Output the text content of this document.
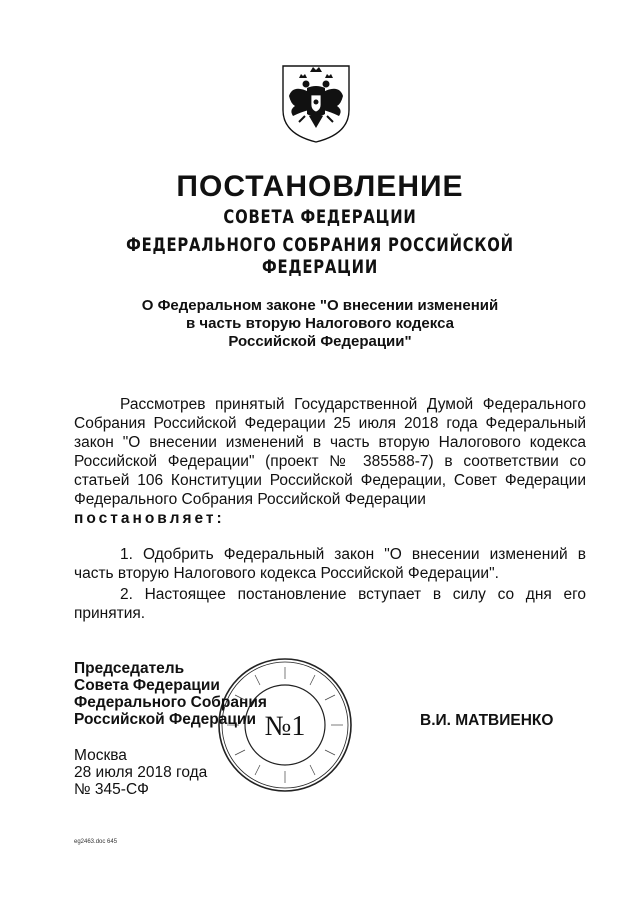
ПОСТАНОВЛЕНИЕ
СОВЕТА ФЕДЕРАЦИИ
ФЕДЕРАЛЬНОГО СОБРАНИЯ РОССИЙСКОЙ ФЕДЕРАЦИИ
О Федеральном законе "О внесении изменений
в часть вторую Налогового кодекса
Российской Федерации"
Рассмотрев принятый Государственной Думой Федерального Собрания Российской Федерации 25 июля 2018 года Федеральный закон "О внесении изменений в часть вторую Налогового кодекса Российской Федерации" (проект № 385588-7) в соответствии со статьей 106 Конституции Российской Федерации, Совет Федерации Федерального Собрания Российской Федерации
постановляет:
1. Одобрить Федеральный закон "О внесении изменений в часть вторую Налогового кодекса Российской Федерации".
2. Настоящее постановление вступает в силу со дня его принятия.
№1
Председатель
Совета Федерации
Федерального Собрания
Российской Федерации	В.И. МАТВИЕНКО
Москва
28 июля 2018 года
№ 345-СФ
eg2463.doc 645
